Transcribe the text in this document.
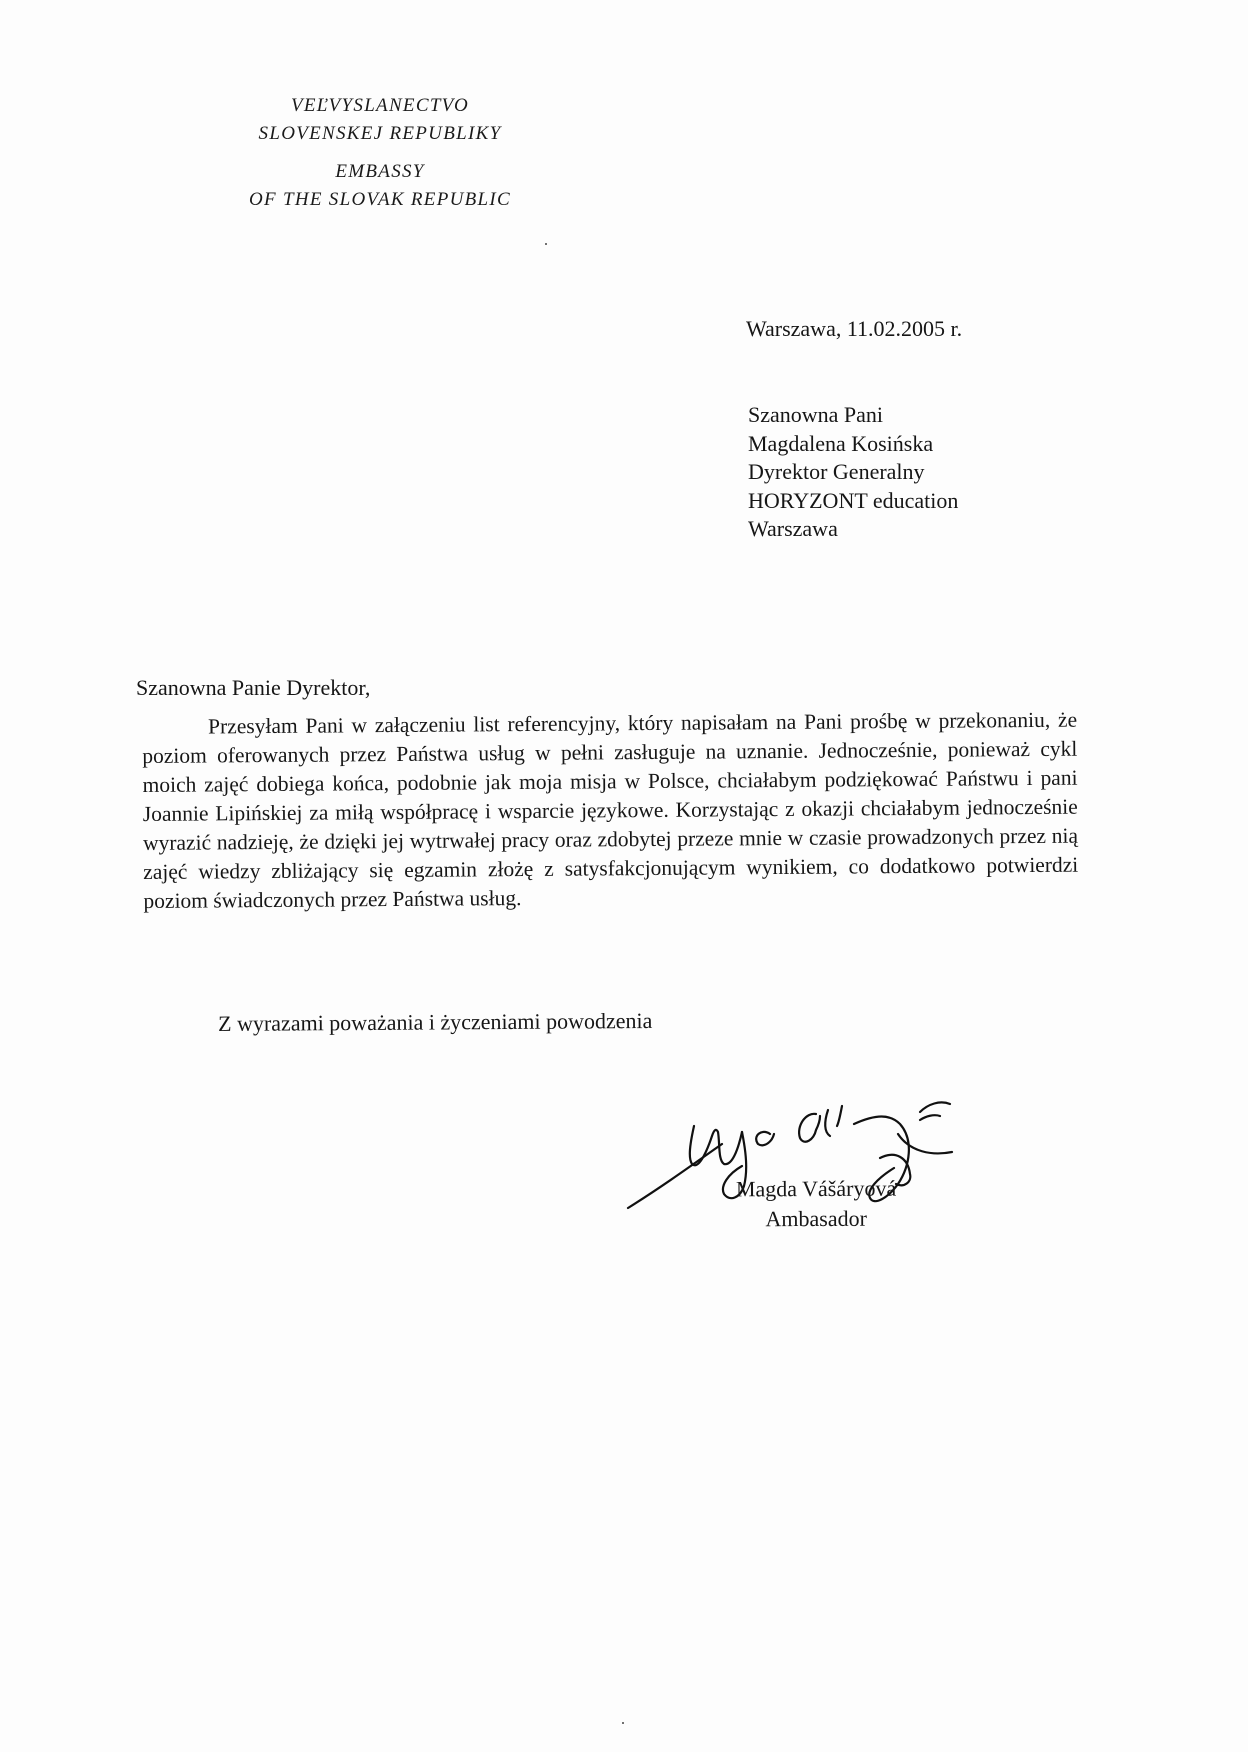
VEĽVYSLANECTVO
SLOVENSKEJ REPUBLIKY
EMBASSY
OF THE SLOVAK REPUBLIC
Warszawa, 11.02.2005 r.
Szanowna Pani
Magdalena Kosińska
Dyrektor Generalny
HORYZONT education
Warszawa
Szanowna Panie Dyrektor,

Przesyłam Pani w załączeniu list referencyjny, który napisałam na Pani prośbę w przekonaniu, że poziom oferowanych przez Państwa usług w pełni zasługuje na uznanie. Jednocześnie, ponieważ cykl moich zajęć dobiega końca, podobnie jak moja misja w Polsce, chciałabym podziękować Państwu i pani Joannie Lipińskiej za miłą współpracę i wsparcie językowe. Korzystając z okazji chciałabym jednocześnie wyrazić nadzieję, że dzięki jej wytrwałej pracy oraz zdobytej przeze mnie w czasie prowadzonych przez nią zajęć wiedzy zbliżający się egzamin złożę z satysfakcjonującym wynikiem, co dodatkowo potwierdzi poziom świadczonych przez Państwa usług.

Z wyrazami poważania i życzeniami powodzenia
Magda Vášáryová
Ambasador
